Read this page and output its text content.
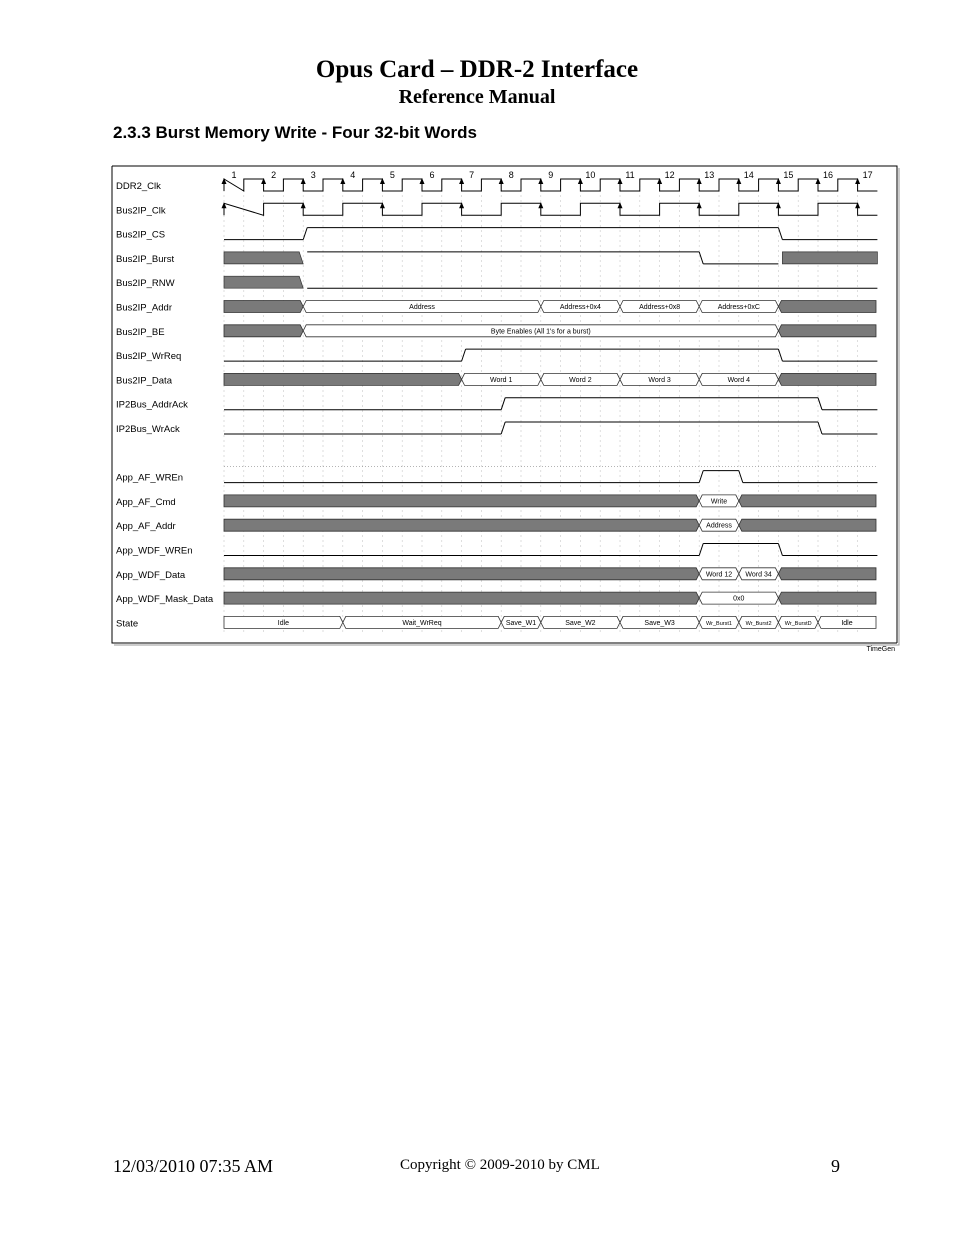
Opus Card – DDR-2 Interface
Reference Manual
2.3.3 Burst Memory Write - Four 32-bit Words
1	2	3	4	5	6	7	8	9	10	11	12	13	14	15	16	17
DDR2_Clk
Bus2IP_Clk
Bus2IP_CS
Bus2IP_Burst
Bus2IP_RNW
Bus2IP_Addr	Address	Address+0x4	Address+0x8	Address+0xC
Bus2IP_BE	Byte Enables (All 1's for a burst)
Bus2IP_WrReq
Bus2IP_Data	Word 1	Word 2	Word 3	Word 4
IP2Bus_AddrAck
IP2Bus_WrAck
App_AF_WREn
App_AF_Cmd	Write
App_AF_Addr	Address
App_WDF_WREn
App_WDF_Data	Word 12 Word 34
App_WDF_Mask_Data	0x0
State	Idle	Wait_WrReq	Save_W1	Save_W2	Save_W3	Wr_Burst1 Wr_Burst2 Wr_BurstD	Idle
TimeGen
12/03/2010 07:35 AM	Copyright © 2009-2010 by CML	9
